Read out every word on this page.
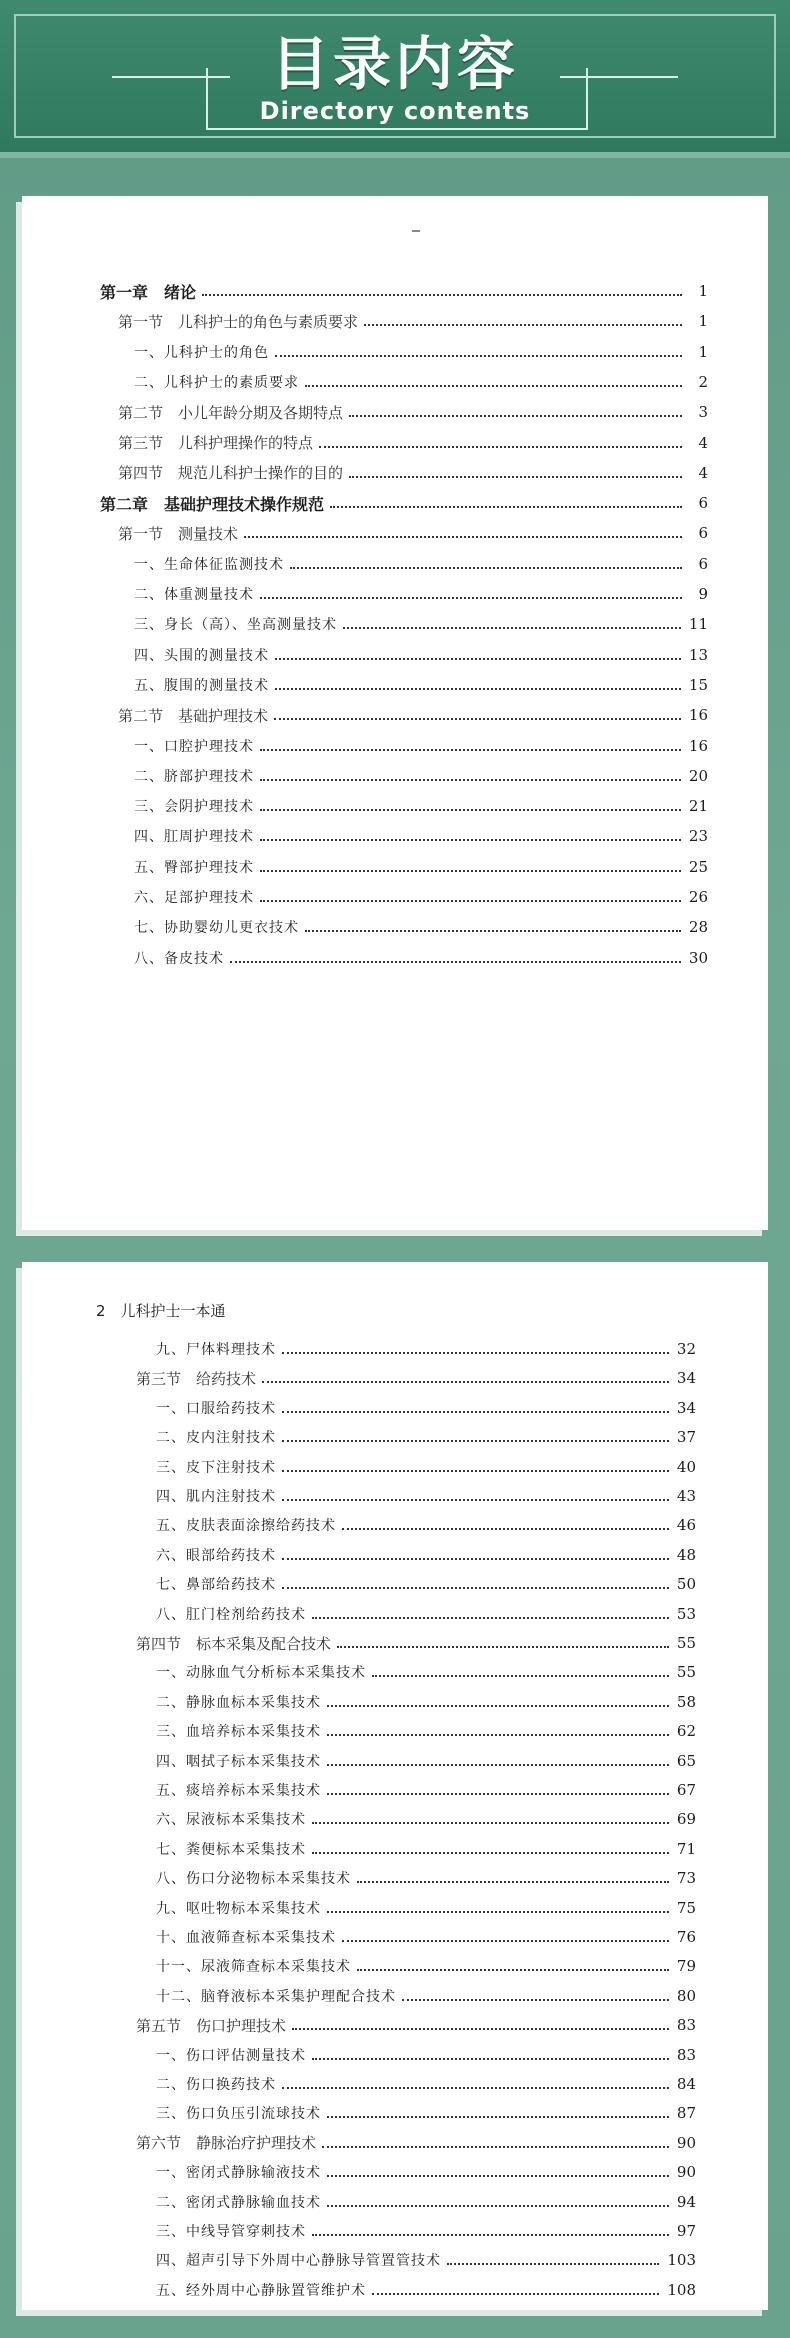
目录内容
Directory contents
第一章　绪论	1
第一节　儿科护士的角色与素质要求	1
一、儿科护士的角色	1
二、儿科护士的素质要求	2
第二节　小儿年龄分期及各期特点	3
第三节　儿科护理操作的特点	4
第四节　规范儿科护士操作的目的	4
第二章　基础护理技术操作规范	6
第一节　测量技术	6
一、生命体征监测技术	6
二、体重测量技术	9
三、身长（高）、坐高测量技术	11
四、头围的测量技术	13
五、腹围的测量技术	15
第二节　基础护理技术	16
一、口腔护理技术	16
二、脐部护理技术	20
三、会阴护理技术	21
四、肛周护理技术	23
五、臀部护理技术	25
六、足部护理技术	26
七、协助婴幼儿更衣技术	28
八、备皮技术	30
2　儿科护士一本通
九、尸体料理技术	32
第三节　给药技术	34
一、口服给药技术	34
二、皮内注射技术	37
三、皮下注射技术	40
四、肌内注射技术	43
五、皮肤表面涂擦给药技术	46
六、眼部给药技术	48
七、鼻部给药技术	50
八、肛门栓剂给药技术	53
第四节　标本采集及配合技术	55
一、动脉血气分析标本采集技术	55
二、静脉血标本采集技术	58
三、血培养标本采集技术	62
四、咽拭子标本采集技术	65
五、痰培养标本采集技术	67
六、尿液标本采集技术	69
七、粪便标本采集技术	71
八、伤口分泌物标本采集技术	73
九、呕吐物标本采集技术	75
十、血液筛查标本采集技术	76
十一、尿液筛查标本采集技术	79
十二、脑脊液标本采集护理配合技术	80
第五节　伤口护理技术	83
一、伤口评估测量技术	83
二、伤口换药技术	84
三、伤口负压引流球技术	87
第六节　静脉治疗护理技术	90
一、密闭式静脉输液技术	90
二、密闭式静脉输血技术	94
三、中线导管穿刺技术	97
四、超声引导下外周中心静脉导管置管技术	103
五、经外周中心静脉置管维护术	108
